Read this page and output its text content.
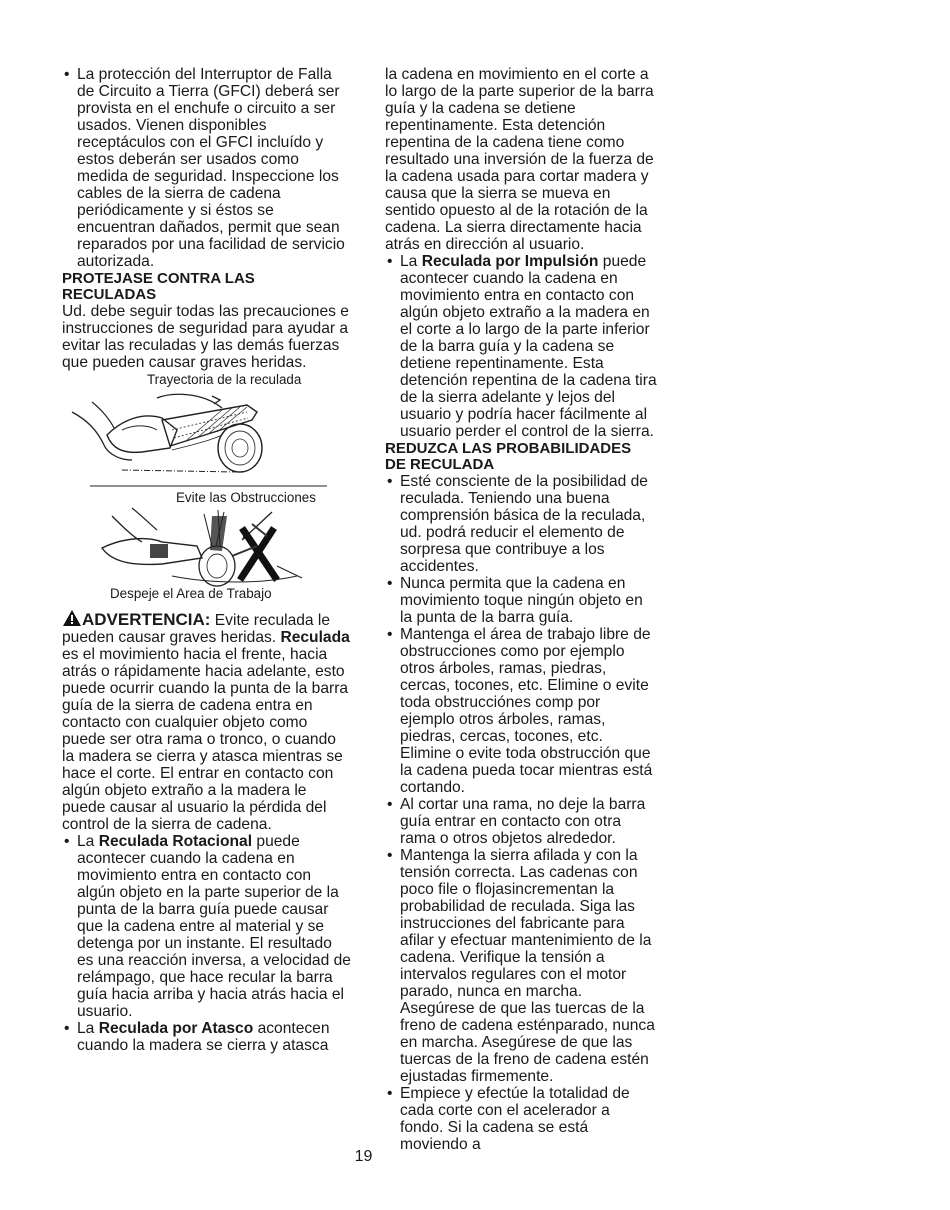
• La protección del Interruptor de Falla de Circuito a Tierra (GFCI) deberá ser provista en el enchufe o circuito a ser usados. Vienen disponibles receptáculos con el GFCI incluído y estos deberán ser usados como medida de seguridad. Inspeccione los cables de la sierra de cadena periódicamente y si éstos se encuentran dañados, permit que sean reparados por una facilidad de servicio autorizada.

PROTEJASE CONTRA LAS
RECULADAS

Ud. debe seguir todas las precauciones e instrucciones de seguridad para ayudar a evitar las reculadas y las demás fuerzas que pueden causar graves heridas.

Trayectoria de la reculada
Evite las Obstrucciones
Despeje el Area de Trabajo

ADVERTENCIA: Evite reculada le pueden causar graves heridas. Reculada es el movimiento hacia el frente, hacia atrás o rápidamente hacia adelante, esto puede ocurrir cuando la punta de la barra guía de la sierra de cadena entra en contacto con cualquier objeto como puede ser otra rama o tronco, o cuando la madera se cierra y atasca mientras se hace el corte. El entrar en contacto con algún objeto extraño a la madera le puede causar al usuario la pérdida del control de la sierra de cadena.

• La Reculada Rotacional puede acontecer cuando la cadena en movimiento entra en contacto con algún objeto en la parte superior de la punta de la barra guía puede causar que la cadena entre al material y se detenga por un instante. El resultado es una reacción inversa, a velocidad de relámpago, que hace recular la barra guía hacia arriba y hacia atrás hacia el usuario.

• La Reculada por Atasco acontecen cuando la madera se cierra y atasca

la cadena en movimiento en el corte a lo largo de la parte superior de la barra guía y la cadena se detiene repentinamente. Esta detención repentina de la cadena tiene como resultado una inversión de la fuerza de la cadena usada para cortar madera y causa que la sierra se mueva en sentido opuesto al de la rotación de la cadena. La sierra directamente hacia atrás en dirección al usuario.

• La Reculada por Impulsión puede acontecer cuando la cadena en movimiento entra en contacto con algún objeto extraño a la madera en el corte a lo largo de la parte inferior de la barra guía y la cadena se detiene repentinamente. Esta detención repentina de la cadena tira de la sierra adelante y lejos del usuario y podría hacer fácilmente al usuario perder el control de la sierra.

REDUZCA LAS PROBABILIDADES
DE RECULADA

• Esté consciente de la posibilidad de reculada. Teniendo una buena comprensión básica de la reculada, ud. podrá reducir el elemento de sorpresa que contribuye a los accidentes.

• Nunca permita que la cadena en movimiento toque ningún objeto en la punta de la barra guía.

• Mantenga el área de trabajo libre de obstrucciones como por ejemplo otros árboles, ramas, piedras, cercas, tocones, etc. Elimine o evite toda obstrucciónes comp por ejemplo otros árboles, ramas, piedras, cercas, tocones, etc. Elimine o evite toda obstrucción que la cadena pueda tocar mientras está cortando.

• Al cortar una rama, no deje la barra guía entrar en contacto con otra rama o otros objetos alrededor.

• Mantenga la sierra afilada y con la tensión correcta. Las cadenas con poco file o flojasincrementan la probabilidad de reculada. Siga las instrucciones del fabricante para afilar y efectuar mantenimiento de la cadena. Verifique la tensión a intervalos regulares con el motor parado, nunca en marcha. Asegúrese de que las tuercas de la freno de cadena esténparado, nunca en marcha. Asegúrese de que las tuercas de la freno de cadena estén ejustadas firmemente.

• Empiece y efectúe la totalidad de cada corte con el acelerador a fondo. Si la cadena se está moviendo a

19
